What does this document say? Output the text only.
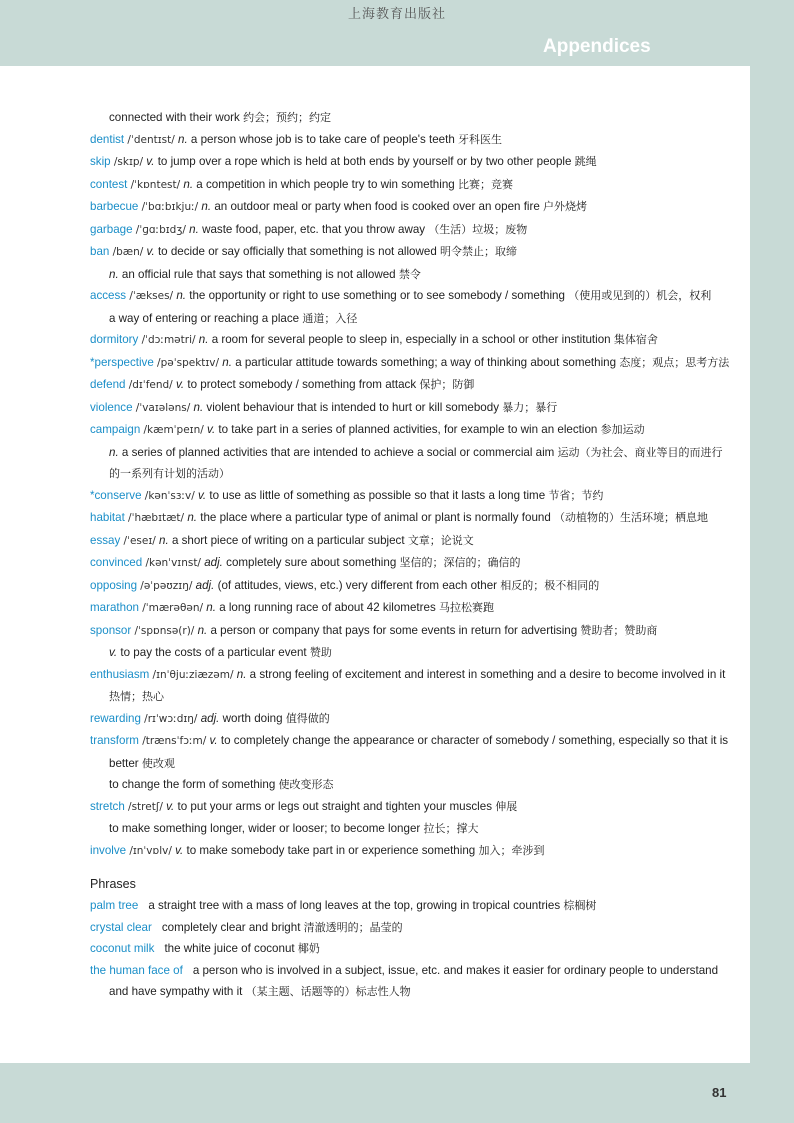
上海教育出版社
Appendices
connected with their work 约会；预约；约定
dentist /ˈdentɪst/ n. a person whose job is to take care of people's teeth 牙科医生
skip /skɪp/ v. to jump over a rope which is held at both ends by yourself or by two other people 跳绳
contest /ˈkɒntest/ n. a competition in which people try to win something 比赛；竞赛
barbecue /ˈbɑːbɪkjuː/ n. an outdoor meal or party when food is cooked over an open fire 户外烧烤
garbage /ˈɡɑːbɪdʒ/ n. waste food, paper, etc. that you throw away （生活）垃圾；废物
ban /bæn/ v. to decide or say officially that something is not allowed 明令禁止；取缔
n. an official rule that says that something is not allowed 禁令
access /ˈækses/ n. the opportunity or right to use something or to see somebody / something （使用或见到的）机会，权利
a way of entering or reaching a place 通道；入径
dormitory /ˈdɔːmətri/ n. a room for several people to sleep in, especially in a school or other institution 集体宿舍
*perspective /pəˈspektɪv/ n. a particular attitude towards something; a way of thinking about something 态度；观点；思考方法
defend /dɪˈfend/ v. to protect somebody / something from attack 保护；防御
violence /ˈvaɪələns/ n. violent behaviour that is intended to hurt or kill somebody 暴力；暴行
campaign /kæmˈpeɪn/ v. to take part in a series of planned activities, for example to win an election 参加运动
n. a series of planned activities that are intended to achieve a social or commercial aim 运动（为社会、商业等目的而进行的一系列有计划的活动）
*conserve /kənˈsɜːv/ v. to use as little of something as possible so that it lasts a long time 节省；节约
habitat /ˈhæbɪtæt/ n. the place where a particular type of animal or plant is normally found （动植物的）生活环境；栖息地
essay /ˈeseɪ/ n. a short piece of writing on a particular subject 文章；论说文
convinced /kənˈvɪnst/ adj. completely sure about something 坚信的；深信的；确信的
opposing /əˈpəʊzɪŋ/ adj. (of attitudes, views, etc.) very different from each other 相反的；极不相同的
marathon /ˈmærəθən/ n. a long running race of about 42 kilometres 马拉松赛跑
sponsor /ˈspɒnsə(r)/ n. a person or company that pays for some events in return for advertising 赞助者；赞助商
v. to pay the costs of a particular event 赞助
enthusiasm /ɪnˈθjuːziæzəm/ n. a strong feeling of excitement and interest in something and a desire to become involved in it 热情；热心
rewarding /rɪˈwɔːdɪŋ/ adj. worth doing 值得做的
transform /trænsˈfɔːm/ v. to completely change the appearance or character of somebody / something, especially so that it is better 使改观
to change the form of something 使改变形态
stretch /stretʃ/ v. to put your arms or legs out straight and tighten your muscles 伸展
to make something longer, wider or looser; to become longer 拉长；撑大
involve /ɪnˈvɒlv/ v. to make somebody take part in or experience something 加入；牵涉到
Phrases
palm tree a straight tree with a mass of long leaves at the top, growing in tropical countries 棕榈树
crystal clear completely clear and bright 清澈透明的；晶莹的
coconut milk the white juice of coconut 椰奶
the human face of a person who is involved in a subject, issue, etc. and makes it easier for ordinary people to understand and have sympathy with it （某主题、话题等的）标志性人物
81
